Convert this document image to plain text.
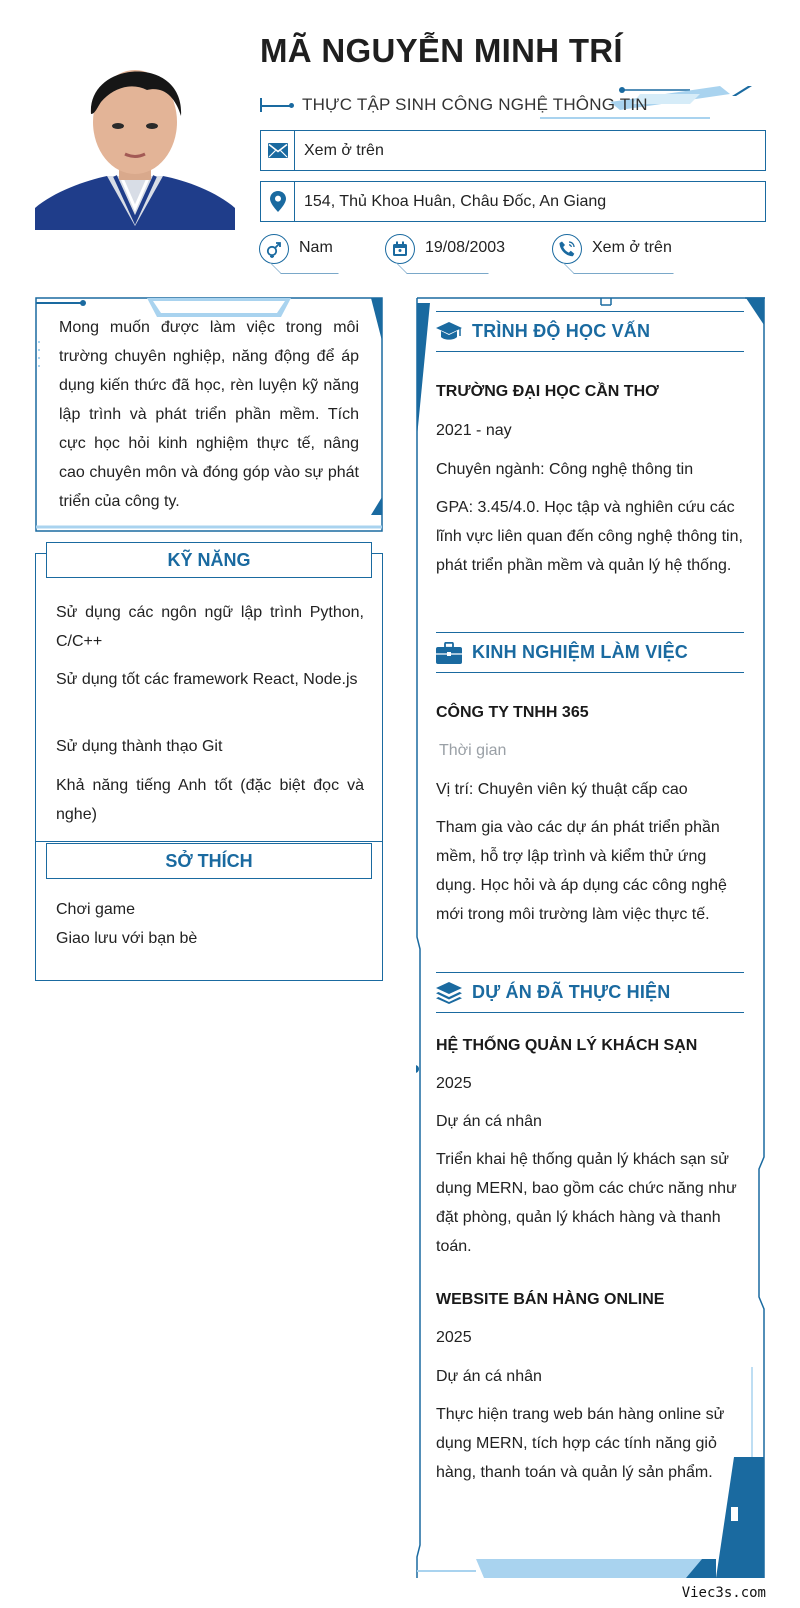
MÃ NGUYỄN MINH TRÍ
THỰC TẬP SINH CÔNG NGHỆ THÔNG TIN
Xem ở trên
154, Thủ Khoa Huân, Châu Đốc, An Giang
Nam	19/08/2003	Xem ở trên
Mong muốn được làm việc trong môi trường chuyên nghiệp, năng động để áp dụng kiến thức đã học, rèn luyện kỹ năng lập trình và phát triển phần mềm. Tích cực học hỏi kinh nghiệm thực tế, nâng cao chuyên môn và đóng góp vào sự phát triển của công ty.
KỸ NĂNG
Sử dụng các ngôn ngữ lập trình Python, C/C++
Sử dụng tốt các framework React, Node.js
Sử dụng thành thạo Git
Khả năng tiếng Anh tốt (đặc biệt đọc và nghe)
SỞ THÍCH
Chơi game
Giao lưu với bạn bè
TRÌNH ĐỘ HỌC VẤN
TRƯỜNG ĐẠI HỌC CẦN THƠ
2021 - nay
Chuyên ngành: Công nghệ thông tin
GPA: 3.45/4.0. Học tập và nghiên cứu các lĩnh vực liên quan đến công nghệ thông tin, phát triển phần mềm và quản lý hệ thống.
KINH NGHIỆM LÀM VIỆC
CÔNG TY TNHH 365
Thời gian
Vị trí: Chuyên viên ký thuật cấp cao
Tham gia vào các dự án phát triển phần mềm, hỗ trợ lập trình và kiểm thử ứng dụng. Học hỏi và áp dụng các công nghệ mới trong môi trường làm việc thực tế.
DỰ ÁN ĐÃ THỰC HIỆN
HỆ THỐNG QUẢN LÝ KHÁCH SẠN
2025
Dự án cá nhân
Triển khai hệ thống quản lý khách sạn sử dụng MERN, bao gồm các chức năng như đặt phòng, quản lý khách hàng và thanh toán.
WEBSITE BÁN HÀNG ONLINE
2025
Dự án cá nhân
Thực hiện trang web bán hàng online sử dụng MERN, tích hợp các tính năng giỏ hàng, thanh toán và quản lý sản phẩm.
Viec3s.com
